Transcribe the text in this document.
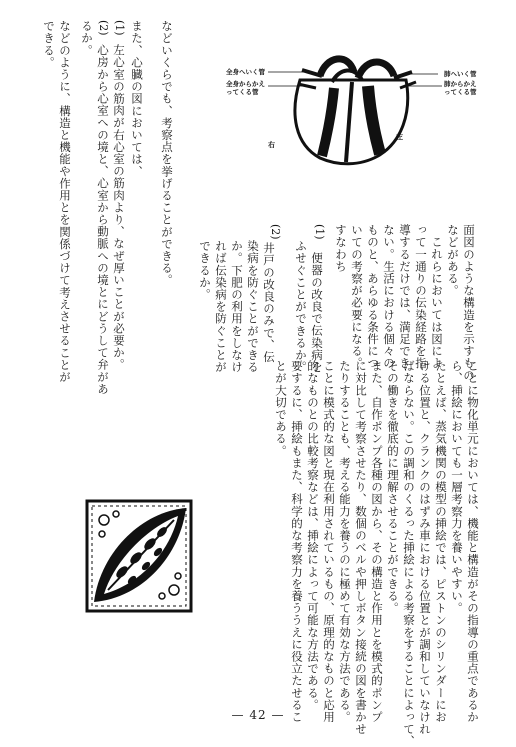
全身へいく管
全身からかえ
ってくる管
肺へいく管
肺からかえ
ってくる管
右
左
面図のような構造を示すもの
などがある。
これらにおいては図によ
って一通りの伝染経路を指
導するだけでは、満足でき
ない。生活における個々の
ものと、あらゆる条件につ
いての考察が必要になる。
すなわち
(1)
便器の改良で伝染病を
ふせぐことができるか。
(2)
井戸の改良のみで、伝
染病を防ぐことができる
か。下肥の利用をしなけ
れば伝染病を防ぐことが
できるか。
などいくらでも、考察点を挙げることができる。
また、心臓の図においては、
(1)
左心室の筋肉が右心室の筋肉より、なぜ厚いことが必要か。
心房から心室への境と、心室から動脈への境とにどうして弁があ
るか。 (2)
などのように、構造と機能や作用とを関係づけて考えさせることが
できる。
ことに物化単元においては、機能と構造がその指導の重点であるか
ら、挿絵においても一層考察力を養いやすい。
たとえば、蒸気機関の模型の挿絵では、ピストンのシリンダーにお
ける位置と、クランクのはずみ車における位置とが調和していなけれ
ばならない。この調和のくるった挿絵による考察をすることによって、
その働きを徹底的に理解させることができる。
また、自作ポンプ各種の図から、その構造と作用とを模式的ポンプ
に対比して考察させたり、数個のベルや押しボタン接続の図を書かせ
たりすることも、考える能力を養うのに極めて有効な方法である。
ことに模式的な図と現在利用されているもの、原理的なものと応用
的なものとの比較考察などは、挿絵によって可能な方法である。
要するに、挿絵もまた、科学的な考察力を養ううえに役立たせるこ
とが大切である。
— 42 —
